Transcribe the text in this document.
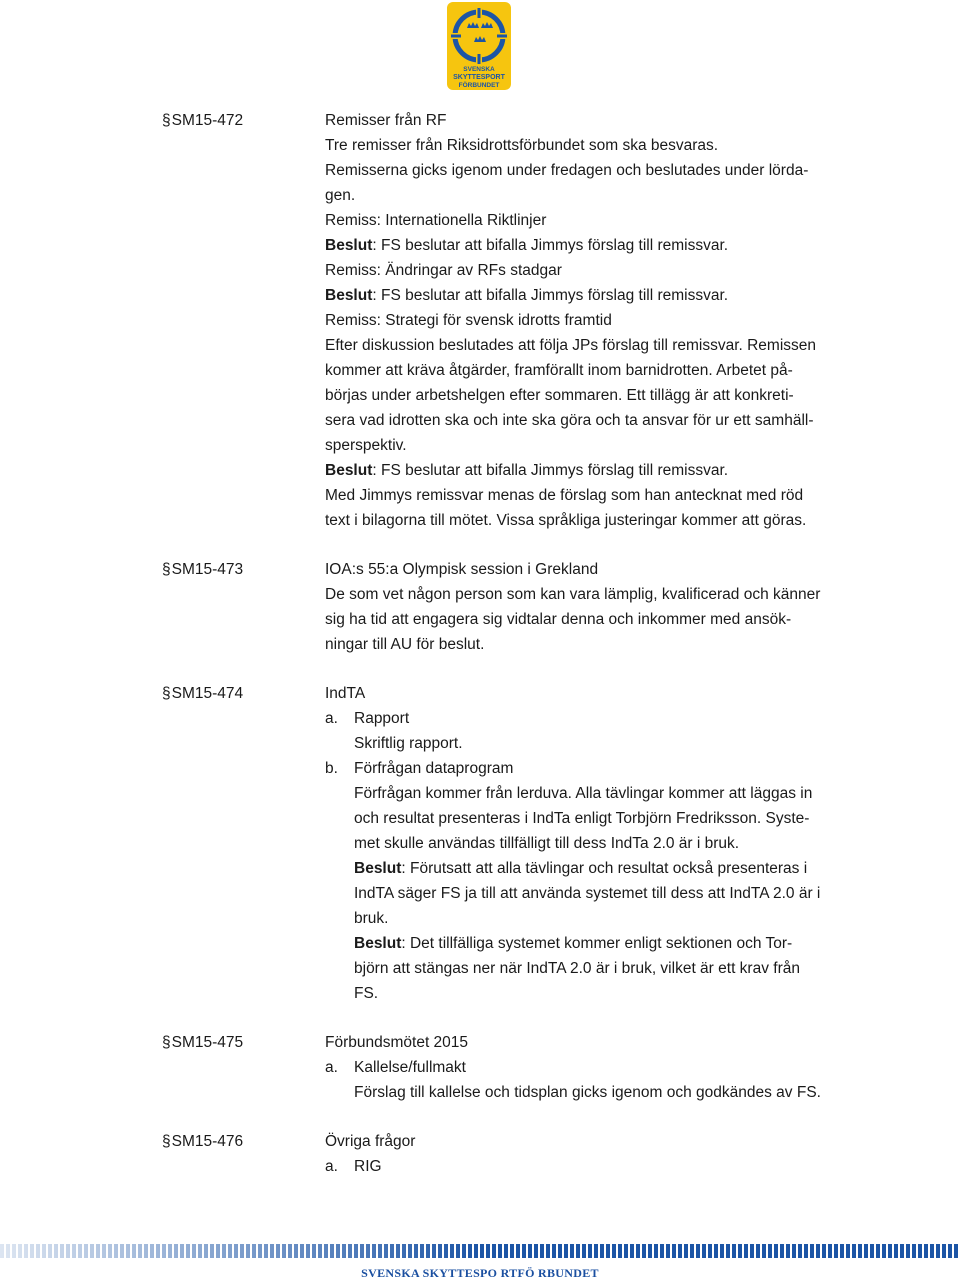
SVENSKA
SKYTTESPORT
FÖRBUNDET
§SM15-472	Remisser från RF
Tre remisser från Riksidrottsförbundet som ska besvaras.
Remisserna gicks igenom under fredagen och beslutades under lörda-
gen.
Remiss: Internationella Riktlinjer
Beslut: FS beslutar att bifalla Jimmys förslag till remissvar.
Remiss: Ändringar av RFs stadgar
Beslut: FS beslutar att bifalla Jimmys förslag till remissvar.
Remiss: Strategi för svensk idrotts framtid
Efter diskussion beslutades att följa JPs förslag till remissvar. Remissen
kommer att kräva åtgärder, framförallt inom barnidrotten. Arbetet på-
börjas under arbetshelgen efter sommaren. Ett tillägg är att konkreti-
sera vad idrotten ska och inte ska göra och ta ansvar för ur ett samhäll-
sperspektiv.
Beslut: FS beslutar att bifalla Jimmys förslag till remissvar.
Med Jimmys remissvar menas de förslag som han antecknat med röd
text i bilagorna till mötet. Vissa språkliga justeringar kommer att göras.
§SM15-473	IOA:s 55:a Olympisk session i Grekland
De som vet någon person som kan vara lämplig, kvalificerad och känner
sig ha tid att engagera sig vidtalar denna och inkommer med ansök-
ningar till AU för beslut.
§SM15-474	IndTA
a.	Rapport
Skriftlig rapport.
b.	Förfrågan dataprogram
Förfrågan kommer från lerduva. Alla tävlingar kommer att läggas in
och resultat presenteras i IndTa enligt Torbjörn Fredriksson. Syste-
met skulle användas tillfälligt till dess IndTa 2.0 är i bruk.
Beslut: Förutsatt att alla tävlingar och resultat också presenteras i
IndTA säger FS ja till att använda systemet till dess att IndTA 2.0 är i
bruk.
Beslut: Det tillfälliga systemet kommer enligt sektionen och Tor-
björn att stängas ner när IndTA 2.0 är i bruk, vilket är ett krav från
FS.
§SM15-475	Förbundsmötet 2015
a.	Kallelse/fullmakt
Förslag till kallelse och tidsplan gicks igenom och godkändes av FS.
§SM15-476	Övriga frågor
a.	RIG
SVENSKA SKYTTESPO RTFÖ RBUNDET
